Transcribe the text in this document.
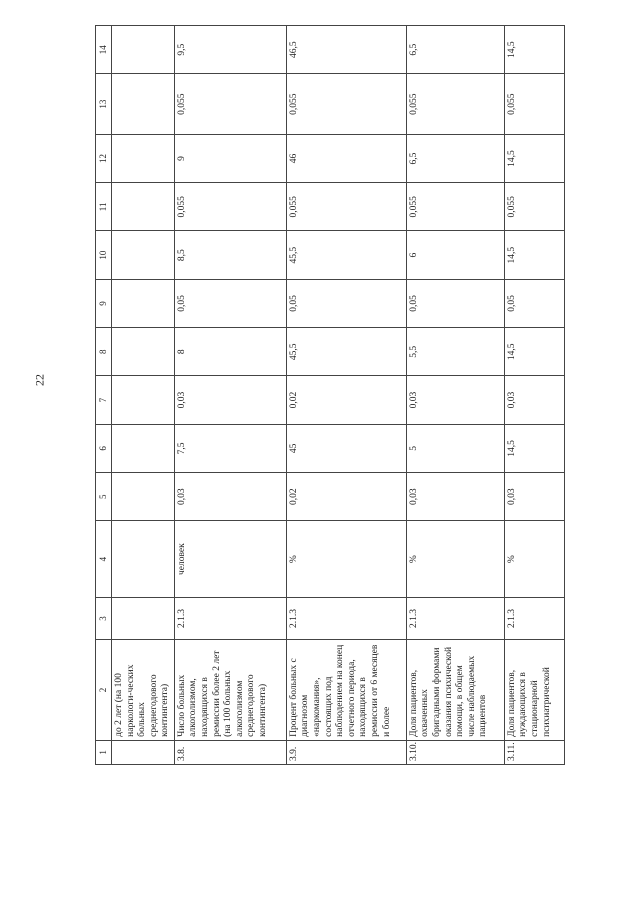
22
1	2	3	4	5	6	7	8	9	10	11	12	13	14
	до 2 лет (на 100 наркологи-ческих больных среднегодового контингента)												
3.8.	Число больных алкоголизмом, находящихся в ремиссии более 2 лет (на 100 больных алкоголизмом среднегодового контингента)	2.1.3	человек	0,03	7,5	0,03	8	0,05	8,5	0,055	9	0,055	9,5
3.9.	Процент больных с диагнозом «наркомания», состоящих под наблюдением на конец отчетного периода, находящихся в ремиссии от 6 месяцев и более	2.1.3	%	0,02	45	0,02	45,5	0,05	45,5	0,055	46	0,055	46,5
3.10.	Доля пациентов, охваченных бригадными формами оказания психической помощи, в общем числе наблюдаемых пациентов	2.1.3	%	0,03	5	0,03	5,5	0,05	6	0,055	6,5	0,055	6,5
3.11.	Доля пациентов, нуждающихся в стационарной психиатрической	2.1.3	%	0,03	14,5	0,03	14,5	0,05	14,5	0,055	14,5	0,055	14,5
